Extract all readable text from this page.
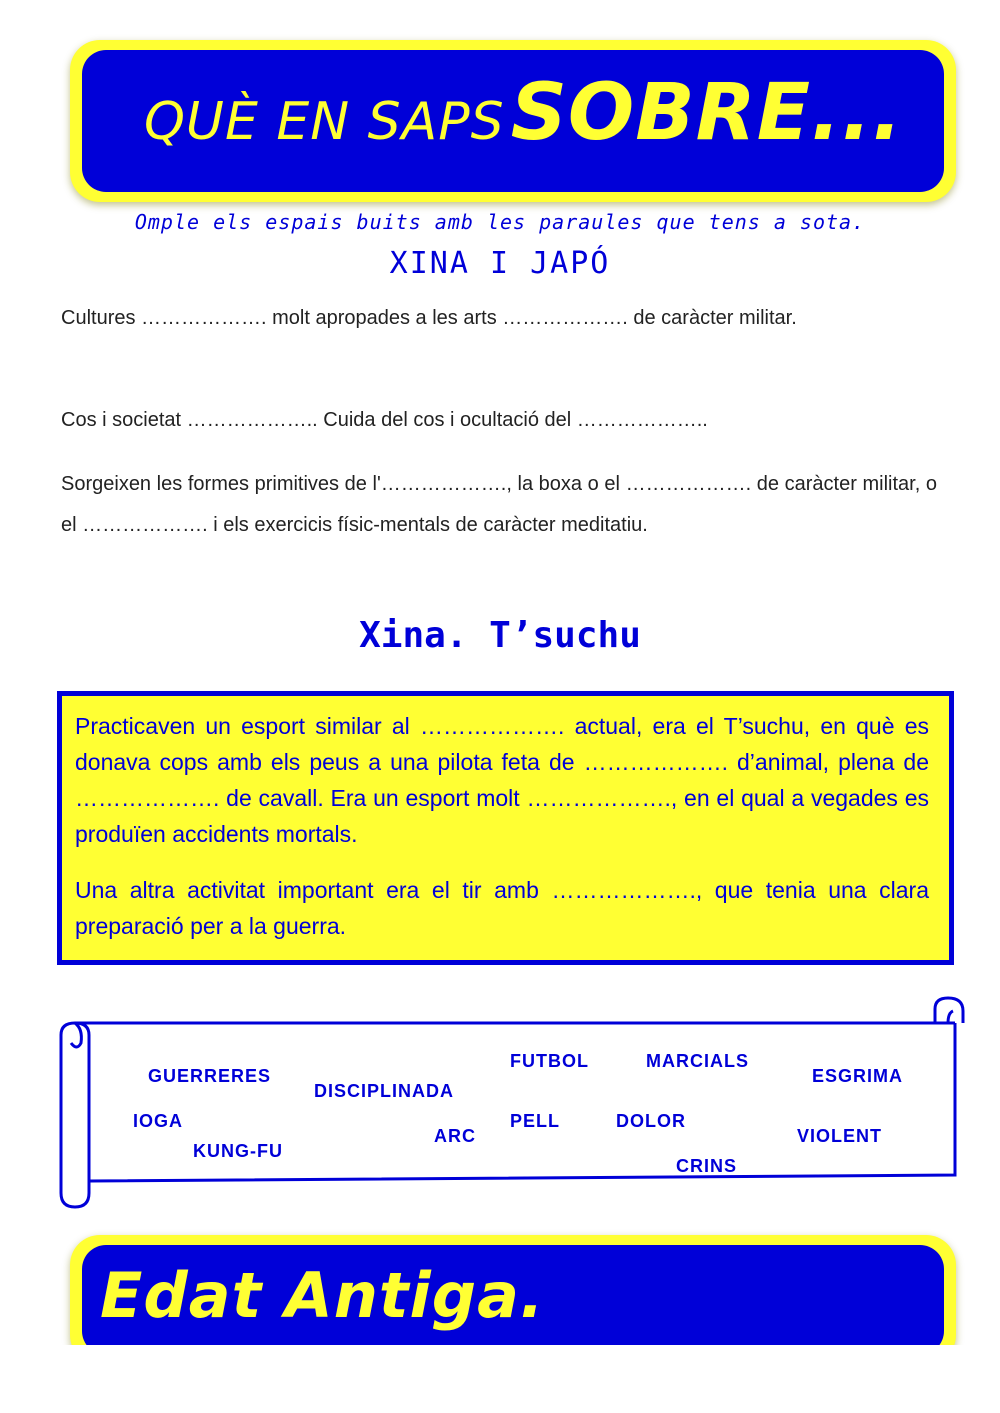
QUÈ EN SAPS SOBRE...
Omple els espais buits amb les paraules que tens a sota.
XINA I JAPÓ
Cultures ………………. molt apropades a les arts ………………. de caràcter militar.
Cos i societat ……………….. Cuida del cos i ocultació del ………………..
Sorgeixen les formes primitives de l'………………., la boxa o el ………………. de caràcter militar, o el ………………. i els exercicis físic-mentals de caràcter meditatiu.
Xina. T’suchu

Practicaven un esport similar al ………………. actual, era el T’suchu, en què es donava cops amb els peus a una pilota feta de ………………. d’animal, plena de ………………. de cavall. Era un esport molt ………………., en el qual a vegades es produïen accidents mortals.

Una altra activitat important era el tir amb ………………., que tenia una clara preparació per a la guerra.

GUERRERES
DISCIPLINADA
FUTBOL	MARCIALS
ESGRIMA
IOGA
ARC
PELL	DOLOR
VIOLENT
KUNG-FU
CRINS
Edat Antiga.
